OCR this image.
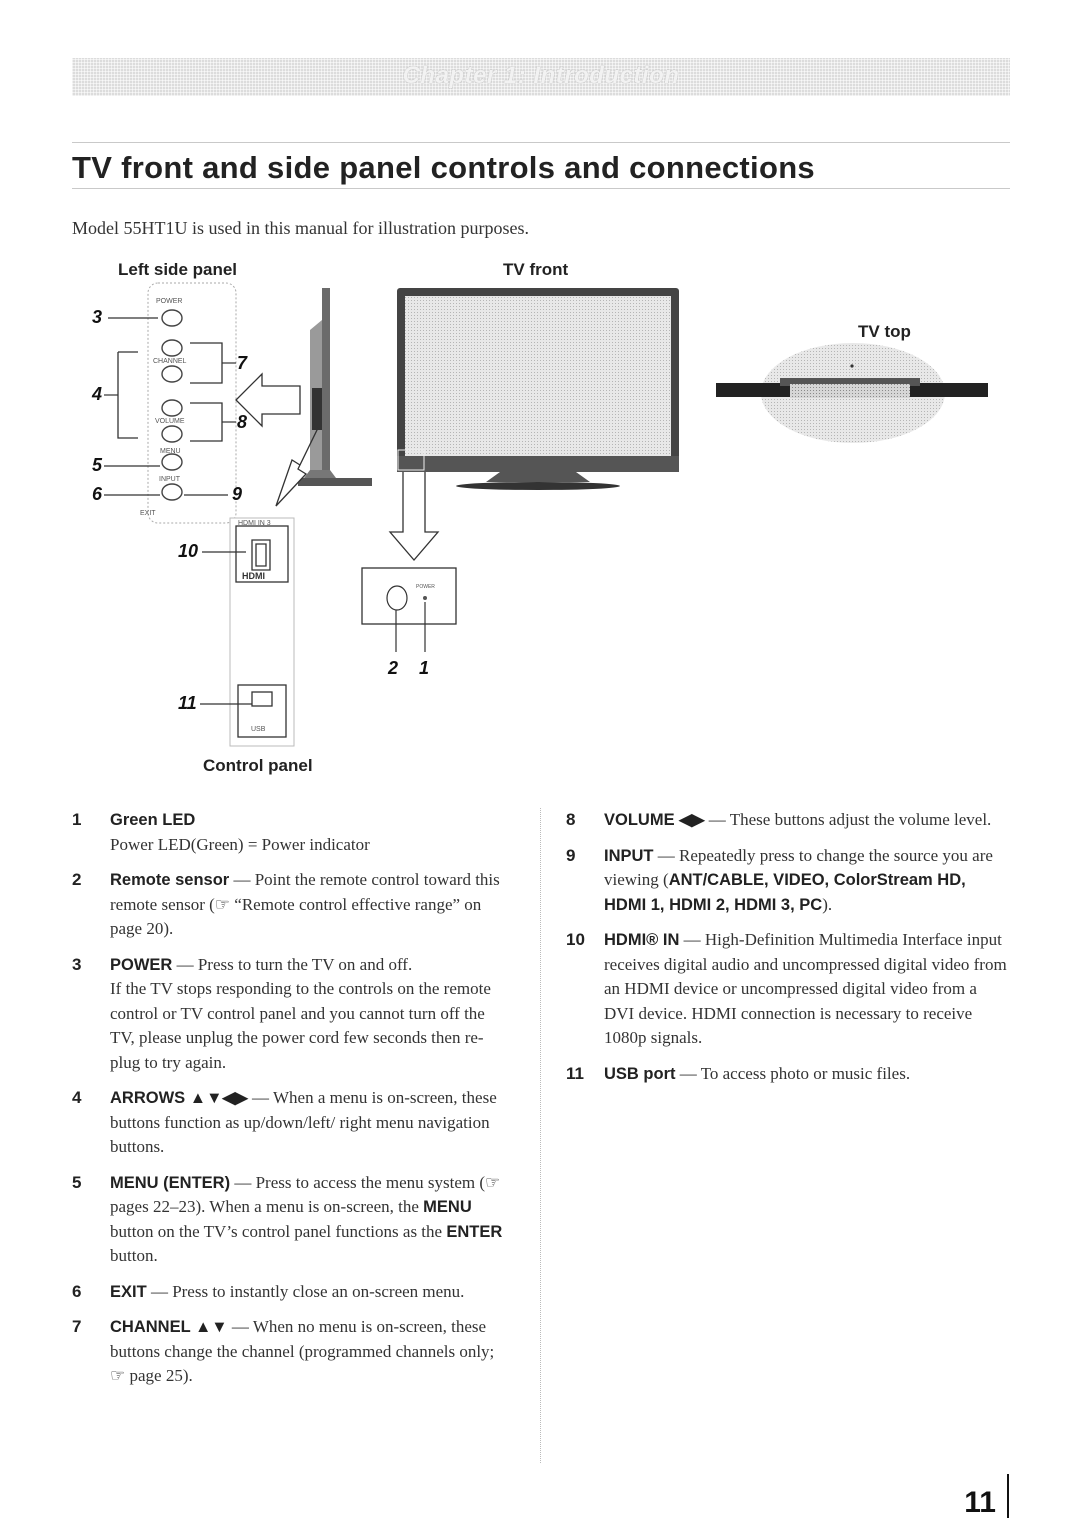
Chapter 1: Introduction
TV front and side panel controls and connections
Model 55HT1U is used in this manual for illustration purposes.
Left side panel	TV front
TV top
Control panel
POWER
CHANNEL
VOLUME
MENU
INPUT
EXIT
HDMI IN 3
HDMI
USB
POWER
3
4
5
6
7
8
9
10
11
2 1
1 Green LED
Power LED(Green) = Power indicator
2 Remote sensor — Point the remote control toward this remote sensor (☞ “Remote control effective range” on page 20).
3 POWER — Press to turn the TV on and off.
If the TV stops responding to the controls on the remote control or TV control panel and you cannot turn off the TV, please unplug the power cord few seconds then re-plug to try again.
4 ARROWS ▲▼◀▶ — When a menu is on-screen, these buttons function as up/down/left/ right menu navigation buttons.
5 MENU (ENTER) — Press to access the menu system (☞ pages 22–23). When a menu is on-screen, the MENU button on the TV’s control panel functions as the ENTER button.
6 EXIT — Press to instantly close an on-screen menu.
7 CHANNEL ▲▼ — When no menu is on-screen, these buttons change the channel (programmed channels only; ☞ page 25).
8 VOLUME ◀▶ — These buttons adjust the volume level.
9 INPUT — Repeatedly press to change the source you are viewing (ANT/CABLE, VIDEO, ColorStream HD, HDMI 1, HDMI 2, HDMI 3, PC).
10 HDMI® IN — High-Definition Multimedia Interface input receives digital audio and uncompressed digital video from an HDMI device or uncompressed digital video from a DVI device. HDMI connection is necessary to receive 1080p signals.
11 USB port — To access photo or music files.
11
